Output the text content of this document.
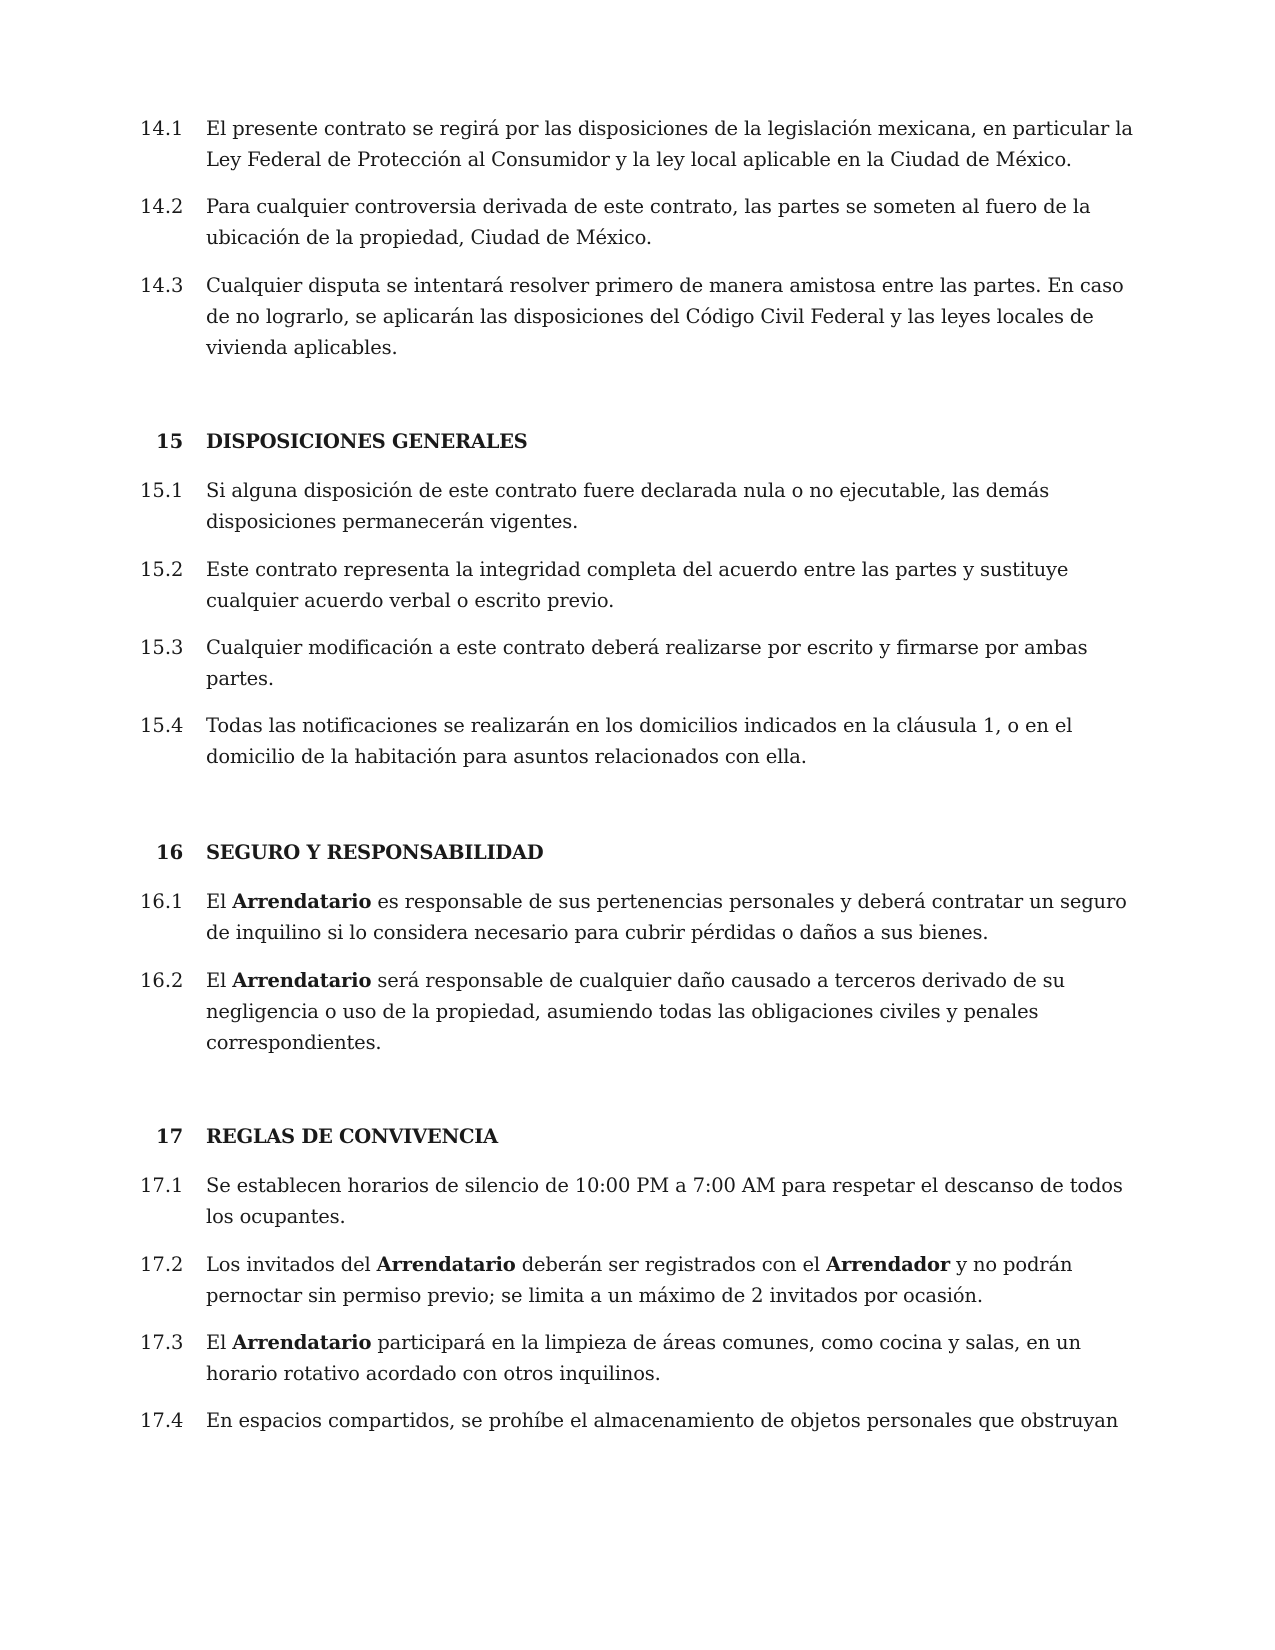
14.1	El presente contrato se regirá por las disposiciones de la legislación mexicana, en particular la
Ley Federal de Protección al Consumidor y la ley local aplicable en la Ciudad de México.
14.2	Para cualquier controversia derivada de este contrato, las partes se someten al fuero de la
ubicación de la propiedad, Ciudad de México.
14.3	Cualquier disputa se intentará resolver primero de manera amistosa entre las partes. En caso
de no lograrlo, se aplicarán las disposiciones del Código Civil Federal y las leyes locales de
vivienda aplicables.
15	DISPOSICIONES GENERALES
15.1	Si alguna disposición de este contrato fuere declarada nula o no ejecutable, las demás
disposiciones permanecerán vigentes.
15.2	Este contrato representa la integridad completa del acuerdo entre las partes y sustituye
cualquier acuerdo verbal o escrito previo.
15.3	Cualquier modificación a este contrato deberá realizarse por escrito y firmarse por ambas
partes.
15.4	Todas las notificaciones se realizarán en los domicilios indicados en la cláusula 1, o en el
domicilio de la habitación para asuntos relacionados con ella.
16	SEGURO Y RESPONSABILIDAD
16.1	El Arrendatario es responsable de sus pertenencias personales y deberá contratar un seguro
de inquilino si lo considera necesario para cubrir pérdidas o daños a sus bienes.
16.2	El Arrendatario será responsable de cualquier daño causado a terceros derivado de su
negligencia o uso de la propiedad, asumiendo todas las obligaciones civiles y penales
correspondientes.
17	REGLAS DE CONVIVENCIA
17.1	Se establecen horarios de silencio de 10:00 PM a 7:00 AM para respetar el descanso de todos
los ocupantes.
17.2	Los invitados del Arrendatario deberán ser registrados con el Arrendador y no podrán
pernoctar sin permiso previo; se limita a un máximo de 2 invitados por ocasión.
17.3	El Arrendatario participará en la limpieza de áreas comunes, como cocina y salas, en un
horario rotativo acordado con otros inquilinos.
17.4	En espacios compartidos, se prohíbe el almacenamiento de objetos personales que obstruyan
